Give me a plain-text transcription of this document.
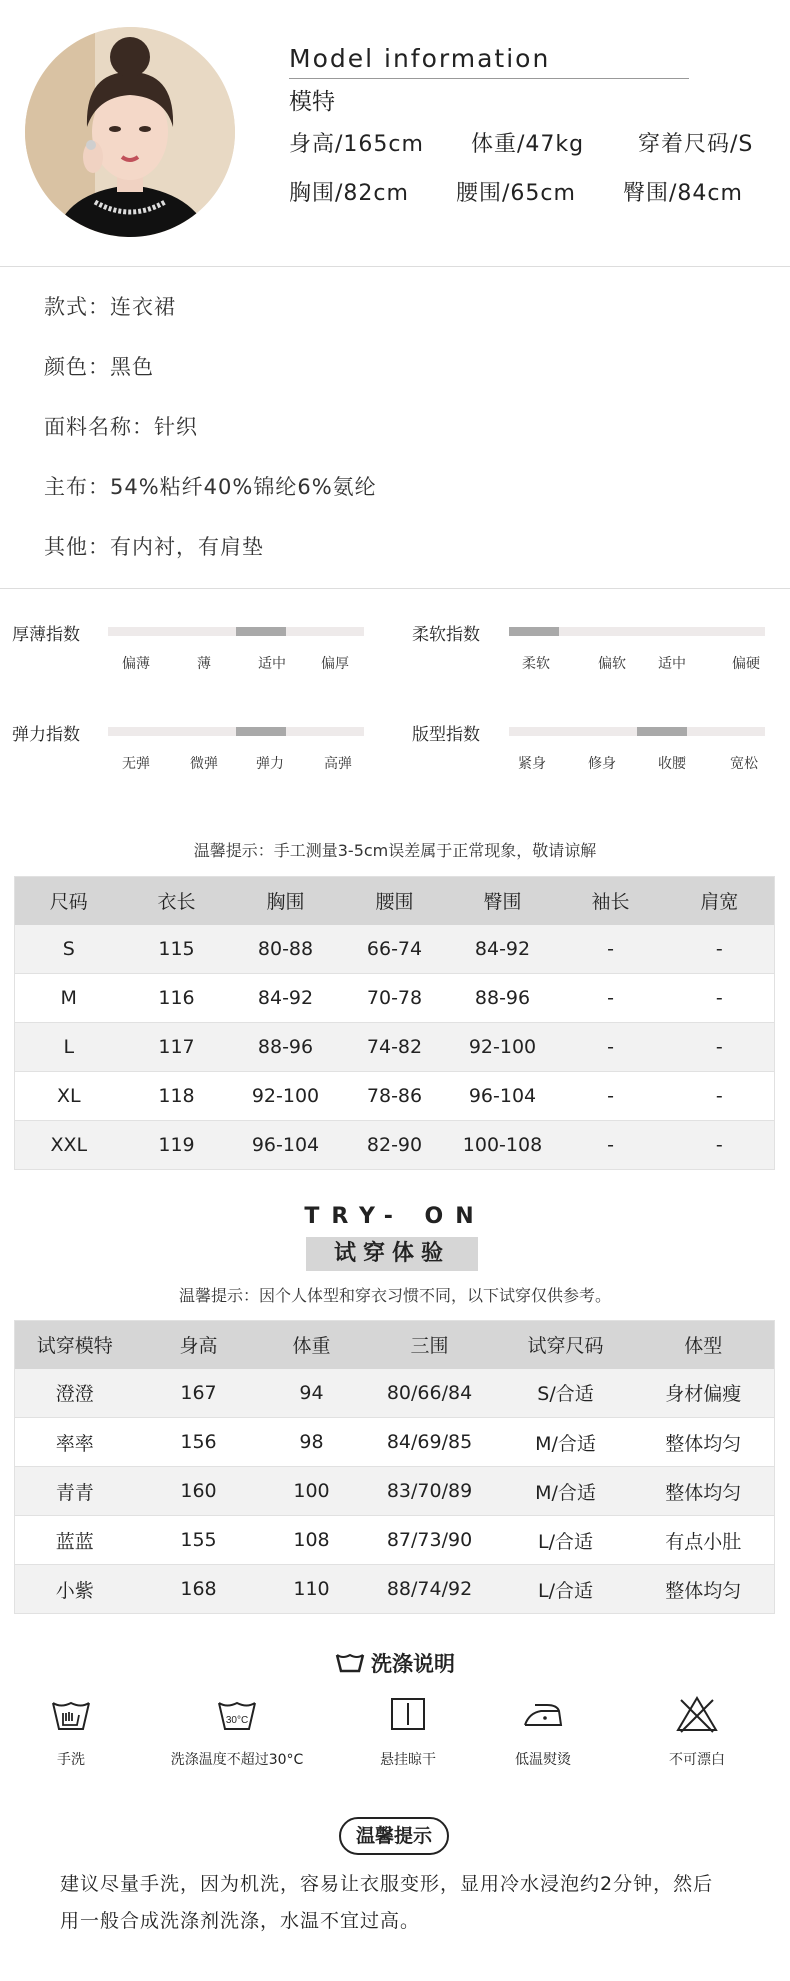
Model information
模特
身高/165cm 体重/47kg 穿着尺码/S
胸围/82cm 腰围/65cm 臀围/84cm
款式：连衣裙
颜色：黑色
面料名称：针织
主布：54%粘纤40%锦纶6%氨纶
其他：有内衬，有肩垫
厚薄指数
偏薄	薄	适中	偏厚
柔软指数
柔软	偏软 适中	偏硬
弹力指数
无弹	微弹	弹力	高弹
版型指数
紧身	修身	收腰	宽松
温馨提示：手工测量3-5cm误差属于正常现象，敬请谅解
尺码	衣长	胸围	腰围	臀围	袖长	肩宽
S	115	80-88	66-74	84-92	-	-
M	116	84-92	70-78	88-96	-	-
L	117	88-96	74-82	92-100	-	-
XL	118	92-100	78-86	96-104	-	-
XXL	119	96-104	82-90	100-108	-	-
TRY- ON
试穿体验
温馨提示：因个人体型和穿衣习惯不同，以下试穿仅供参考。
试穿模特	身高	体重	三围	试穿尺码	体型
澄澄	167	94	80/66/84	S/合适	身材偏瘦
率率	156	98	84/69/85	M/合适	整体均匀
青青	160	100	83/70/89	M/合适	整体均匀
蓝蓝	155	108	87/73/90	L/合适	有点小肚
小紫	168	110	88/74/92	L/合适	整体均匀
洗涤说明
手洗
30°C
洗涤温度不超过30°C	悬挂晾干	低温熨烫	不可漂白
温馨提示
建议尽量手洗，因为机洗，容易让衣服变形，显用冷水浸泡约2分钟，然后
用一般合成洗涤剂洗涤，水温不宜过高。
